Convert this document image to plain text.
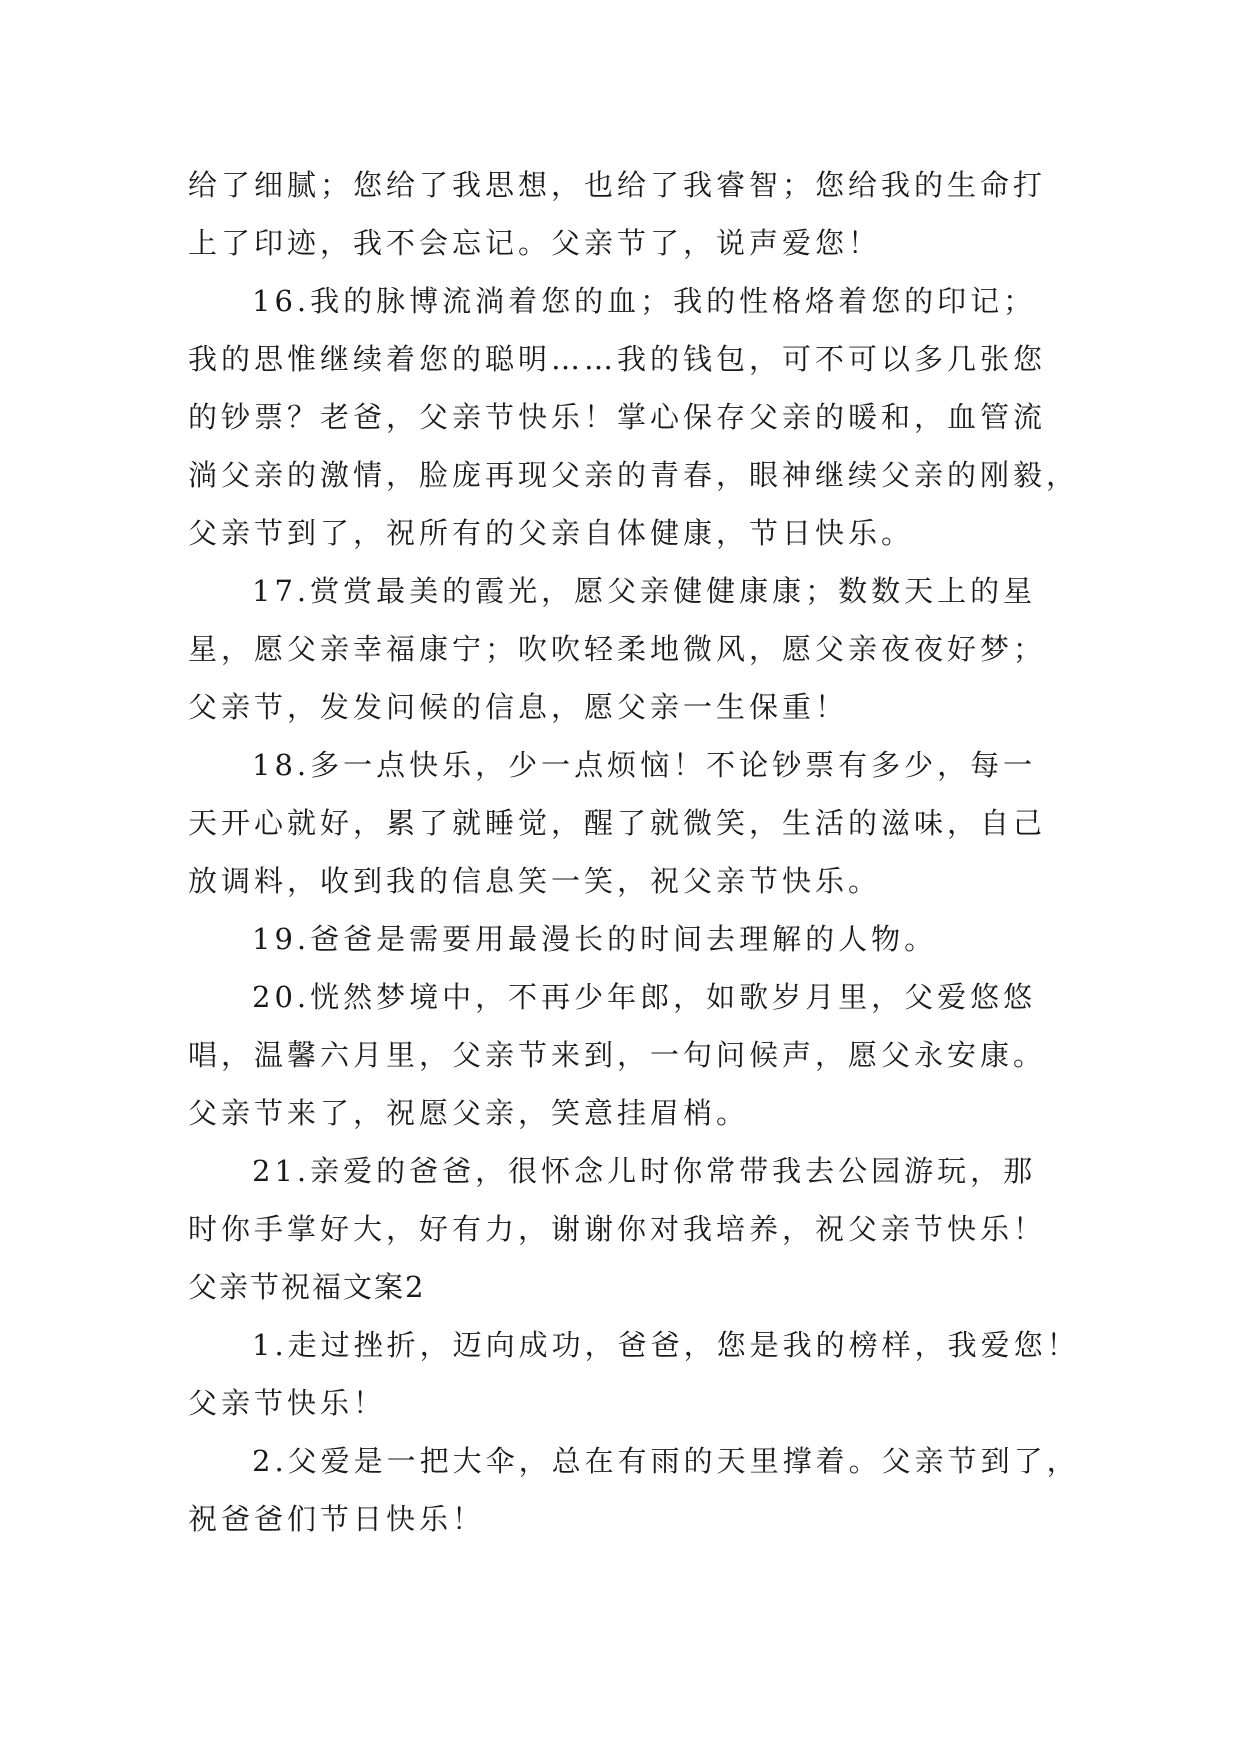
给了细腻；您给了我思想，也给了我睿智；您给我的生命打
上了印迹，我不会忘记。父亲节了，说声爱您！
16.我的脉博流淌着您的血；我的性格烙着您的印记；
我的思惟继续着您的聪明……我的钱包，可不可以多几张您
的钞票？老爸，父亲节快乐！掌心保存父亲的暖和，血管流
淌父亲的激情，脸庞再现父亲的青春，眼神继续父亲的刚毅，
父亲节到了，祝所有的父亲自体健康，节日快乐。
17.赏赏最美的霞光，愿父亲健健康康；数数天上的星
星，愿父亲幸福康宁；吹吹轻柔地微风，愿父亲夜夜好梦；
父亲节，发发问候的信息，愿父亲一生保重！
18.多一点快乐，少一点烦恼！不论钞票有多少，每一
天开心就好，累了就睡觉，醒了就微笑，生活的滋味，自己
放调料，收到我的信息笑一笑，祝父亲节快乐。
19.爸爸是需要用最漫长的时间去理解的人物。
20.恍然梦境中，不再少年郎，如歌岁月里，父爱悠悠
唱，温馨六月里，父亲节来到，一句问候声，愿父永安康。
父亲节来了，祝愿父亲，笑意挂眉梢。
21.亲爱的爸爸，很怀念儿时你常带我去公园游玩，那
时你手掌好大，好有力，谢谢你对我培养，祝父亲节快乐！
父亲节祝福文案2
1.走过挫折，迈向成功，爸爸，您是我的榜样，我爱您！
父亲节快乐！
2.父爱是一把大伞，总在有雨的天里撑着。父亲节到了，
祝爸爸们节日快乐！
